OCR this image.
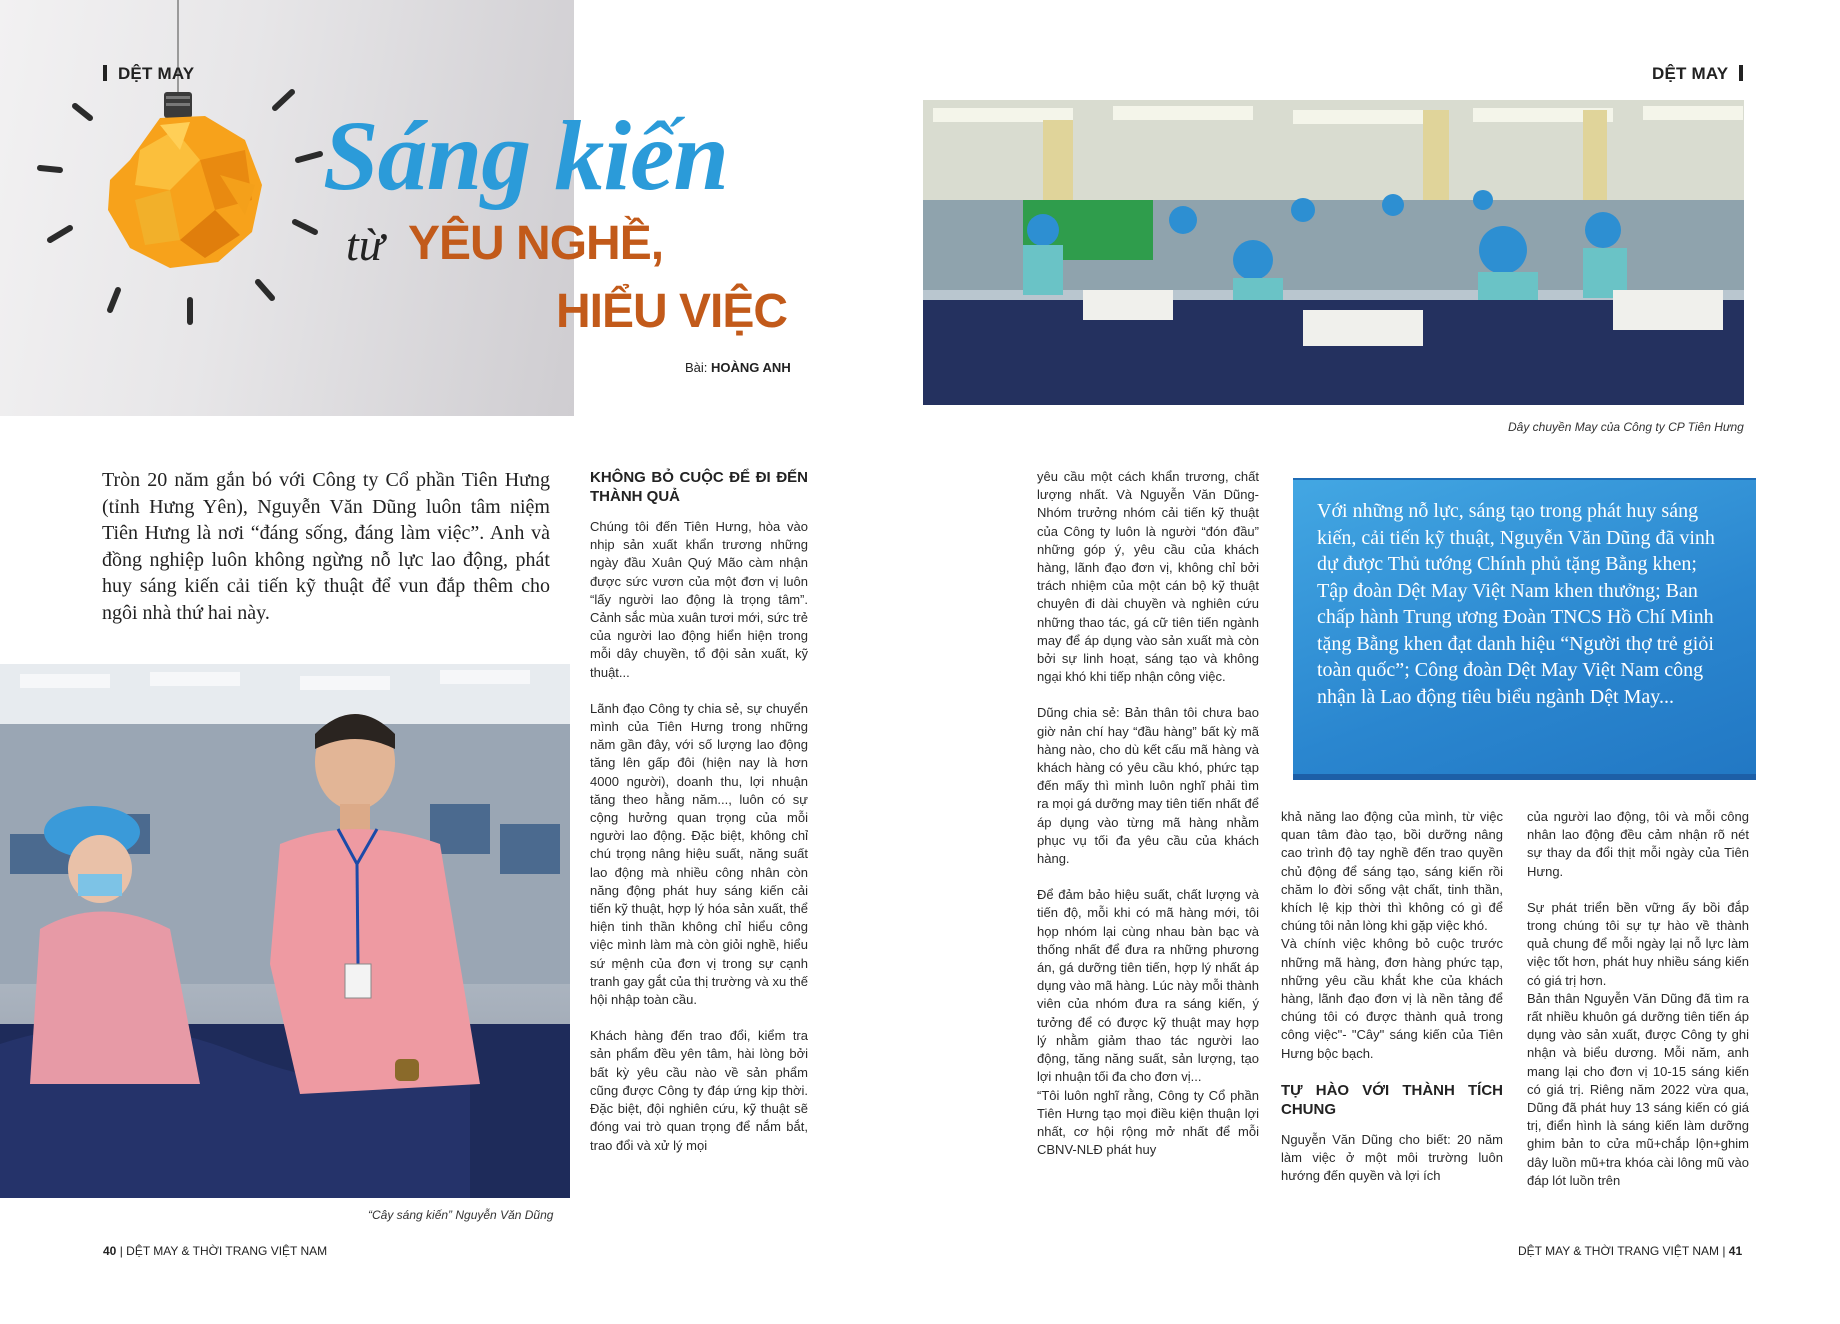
DỆT MAY
Sáng kiến
từ YÊU NGHỀ,
HIỂU VIỆC
Bài: HOÀNG ANH
Tròn 20 năm gắn bó với Công ty Cổ phần Tiên Hưng (tỉnh Hưng Yên), Nguyễn Văn Dũng luôn tâm niệm Tiên Hưng là nơi “đáng sống, đáng làm việc”. Anh và đồng nghiệp luôn không ngừng nỗ lực lao động, phát huy sáng kiến cải tiến kỹ thuật để vun đắp thêm cho ngôi nhà thứ hai này.
“Cây sáng kiến” Nguyễn Văn Dũng
KHÔNG BỎ CUỘC ĐỂ ĐI ĐẾN THÀNH QUẢ

Chúng tôi đến Tiên Hưng, hòa vào nhịp sản xuất khẩn trương những ngày đầu Xuân Quý Mão càm nhận được sức vươn của một đơn vị luôn “lấy người lao động là trọng tâm”. Cảnh sắc mùa xuân tươi mới, sức trẻ của người lao động hiển hiện trong mỗi dây chuyền, tổ đội sản xuất, kỹ thuật...

Lãnh đạo Công ty chia sẻ, sự chuyển mình của Tiên Hưng trong những năm gần đây, với số lượng lao động tăng lên gấp đôi (hiện nay là hơn 4000 người), doanh thu, lợi nhuận tăng theo hằng năm..., luôn có sự cộng hưởng quan trọng của mỗi người lao động. Đặc biệt, không chỉ chú trọng nâng hiệu suất, năng suất lao động mà nhiều công nhân còn năng động phát huy sáng kiến cải tiến kỹ thuật, hợp lý hóa sản xuất, thể hiện tinh thần không chỉ hiểu công việc mình làm mà còn giỏi nghề, hiểu sứ mệnh của đơn vị trong sự cạnh tranh gay gắt của thị trường và xu thế hội nhập toàn cầu.

Khách hàng đến trao đổi, kiểm tra sản phẩm đều yên tâm, hài lòng bởi bất kỳ yêu cầu nào về sản phẩm cũng được Công ty đáp ứng kịp thời. Đặc biệt, đội nghiên cứu, kỹ thuật sẽ đóng vai trò quan trọng để nắm bắt, trao đổi và xử lý mọi

40 | DỆT MAY & THỜI TRANG VIỆT NAM
DỆT MAY
Dây chuyền May của Công ty CP Tiên Hưng

yêu cầu một cách khẩn trương, chất lượng nhất. Và Nguyễn Văn Dũng- Nhóm trưởng nhóm cải tiến kỹ thuật của Công ty luôn là người “đón đầu” những góp ý, yêu cầu của khách hàng, lãnh đạo đơn vị, không chỉ bởi trách nhiệm của một cán bộ kỹ thuật chuyên đi dài chuyền và nghiên cứu những thao tác, gá cữ tiên tiến ngành may để áp dụng vào sản xuất mà còn bởi sự linh hoạt, sáng tạo và không ngại khó khi tiếp nhận công việc.

Dũng chia sẻ: Bản thân tôi chưa bao giờ nản chí hay “đầu hàng” bất kỳ mã hàng nào, cho dù kết cấu mã hàng và khách hàng có yêu cầu khó, phức tạp đến mấy thì mình luôn nghĩ phải tìm ra mọi gá dưỡng may tiên tiến nhất để áp dụng vào từng mã hàng nhằm phục vụ tối đa yêu cầu của khách hàng.

Để đảm bảo hiệu suất, chất lượng và tiến độ, mỗi khi có mã hàng mới, tôi họp nhóm lại cùng nhau bàn bạc và thống nhất để đưa ra những phương án, gá dưỡng tiên tiến, hợp lý nhất áp dụng vào mã hàng. Lúc này mỗi thành viên của nhóm đưa ra sáng kiến, ý tưởng để có được kỹ thuật may hợp lý nhằm giảm thao tác người lao động, tăng năng suất, sản lượng, tạo lợi nhuận tối đa cho đơn vị...

“Tôi luôn nghĩ rằng, Công ty Cổ phần Tiên Hưng tạo mọi điều kiện thuận lợi nhất, cơ hội rộng mở nhất để mỗi CBNV-NLĐ phát huy

Với những nỗ lực, sáng tạo trong phát huy sáng kiến, cải tiến kỹ thuật, Nguyễn Văn Dũng đã vinh dự được Thủ tướng Chính phủ tặng Bằng khen; Tập đoàn Dệt May Việt Nam khen thưởng; Ban chấp hành Trung ương Đoàn TNCS Hồ Chí Minh tặng Bằng khen đạt danh hiệu “Người thợ trẻ giỏi toàn quốc”; Công đoàn Dệt May Việt Nam công nhận là Lao động tiêu biểu ngành Dệt May...

khả năng lao động của mình, từ việc quan tâm đào tạo, bồi dưỡng nâng cao trình độ tay nghề đến trao quyền chủ động để sáng tạo, sáng kiến rồi chăm lo đời sống vật chất, tinh thần, khích lệ kịp thời thì không có gì để chúng tôi nản lòng khi gặp việc khó.

Và chính việc không bỏ cuộc trước những mã hàng, đơn hàng phức tạp, những yêu cầu khắt khe của khách hàng, lãnh đạo đơn vị là nền tảng để chúng tôi có được thành quả trong công việc"- "Cây" sáng kiến của Tiên Hưng bộc bạch.

TỰ HÀO VỚI THÀNH TÍCH CHUNG

Nguyễn Văn Dũng cho biết: 20 năm làm việc ở một môi trường luôn hướng đến quyền và lợi ích

của người lao động, tôi và mỗi công nhân lao động đều cảm nhận rõ nét sự thay da đổi thịt mỗi ngày của Tiên Hưng.

Sự phát triển bền vững ấy bồi đắp trong chúng tôi sự tự hào về thành quả chung để mỗi ngày lại nỗ lực làm việc tốt hơn, phát huy nhiều sáng kiến có giá trị hơn.

Bản thân Nguyễn Văn Dũng đã tìm ra rất nhiều khuôn gá dưỡng tiên tiến áp dụng vào sản xuất, được Công ty ghi nhận và biểu dương. Mỗi năm, anh mang lại cho đơn vị 10-15 sáng kiến có giá trị. Riêng năm 2022 vừa qua, Dũng đã phát huy 13 sáng kiến có giá trị, điển hình là sáng kiến làm dưỡng ghim bản to cửa mũ+chắp lộn+ghim dây luồn mũ+tra khóa cài lông mũ vào đáp lót luồn trên

DỆT MAY & THỜI TRANG VIỆT NAM | 41
